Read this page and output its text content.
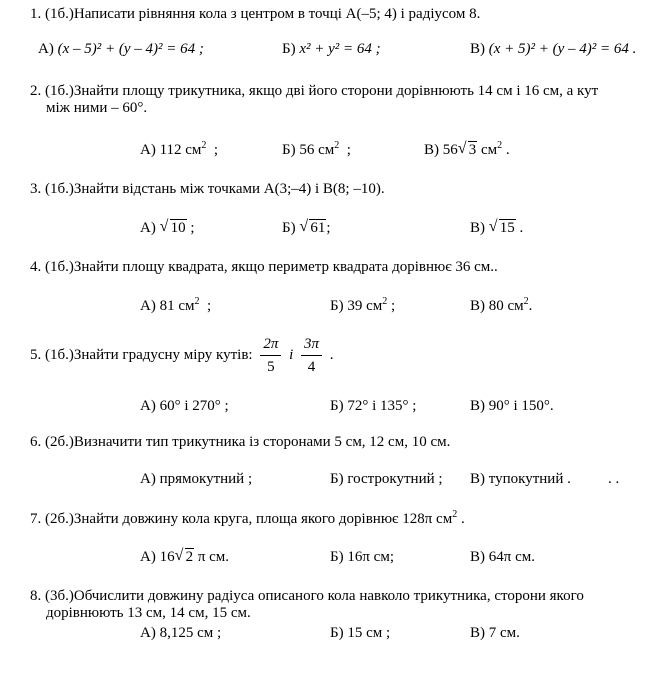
1. (1б.)Написати рівняння кола з центром в точці A(–5; 4) і радіусом 8.
А) (x – 5)² + (y – 4)² = 64 ;	Б) x² + y² = 64 ;	В) (x + 5)² + (y – 4)² = 64 .
2. (1б.)Знайти площу трикутника, якщо дві його сторони дорівнюють 14 см і 16 см, а кут
між ними – 60°.
А) 112 $см^2$  ;	Б) 56 $см^2$  ;	В) 56 √ 3 $см^2$ .
3. (1б.)Знайти відстань між точками A(3;–4) і B(8; –10).
А) √ 10 ;	Б) √ 61;	В) √ 15 .
4. (1б.)Знайти площу квадрата, якщо периметр квадрата дорівнює 36 см..
А) 81 $см^2$  ;	Б) 39 $см^2$ ;	В) 80 $см^2$.
5. (1б.)Знайти градусну міру кутів: $\frac{2\pi}{5}$ і $\frac{3\pi}{4}$ .
А) 60° і 270° ;	Б) 72° і 135° ;	В) 90° і 150°.
6. (2б.)Визначити тип трикутника із сторонами 5 см, 12 см, 10 см.
А) прямокутний ;	Б) гострокутний ; В) тупокутний . . .
7. (2б.)Знайти довжину кола круга, площа якого дорівнює 128π $см^2$ .
А) 16 √ 2 π см.	Б) 16π см;	В) 64π см.
8. (3б.)Обчислити довжину радіуса описаного кола навколо трикутника, сторони якого
дорівнюють 13 см, 14 см, 15 см.
А) 8,125 см ;	Б) 15 см ;	В) 7 см.
